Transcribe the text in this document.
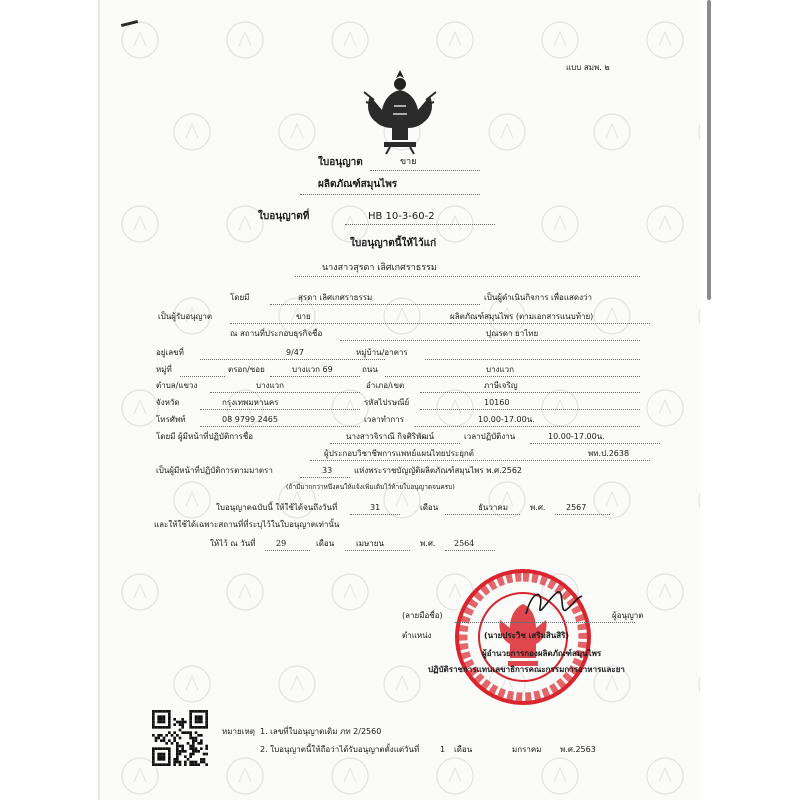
แบบ สมพ. ๒
ใบอนุญาต	ขาย
ผลิตภัณฑ์สมุนไพร
ใบอนุญาตที่	HB 10-3-60-2
ใบอนุญาตนี้ให้ไว้แก่
นางสาวสุรดา เลิศเกศราธรรม
โดยมี	สุรดา เลิศเกศราธรรม	เป็นผู้ดำเนินกิจการ เพื่อแสดงว่า
เป็นผู้รับอนุญาต	ขาย	ผลิตภัณฑ์สมุนไพร (ตามเอกสารแนบท้าย)
ณ สถานที่ประกอบธุรกิจชื่อ	ปุณรดา ยาไทย
อยู่เลขที่	9/47	หมู่บ้าน/อาคาร
หมู่ที่	ตรอก/ซอย	บางแวก 69	ถนน	บางแวก
ตำบล/แขวง	บางแวก	อำเภอ/เขต	ภาษีเจริญ
จังหวัด	กรุงเทพมหานคร	รหัสไปรษณีย์	10160
โทรศัพท์	08 9799 2465	เวลาทำการ	10.00-17.00น.
โดยมี ผู้มีหน้าที่ปฏิบัติการชื่อ	นางสาวจิราณี กิจศิริพัฒน์	เวลาปฏิบัติงาน	10.00-17.00น.
ผู้ประกอบวิชาชีพการแพทย์แผนไทยประยุกต์	พท.ป.2638
เป็นผู้มีหน้าที่ปฏิบัติการตามมาตรา	33	แห่งพระราชบัญญัติผลิตภัณฑ์สมุนไพร พ.ศ.2562
(ถ้ามีมากกว่าหนึ่งคนให้แจ้งเพิ่มเติมไว้ท้ายใบอนุญาตจนครบ)
ใบอนุญาตฉบับนี้ ให้ใช้ได้จนถึงวันที่	31	เดือน	ธันวาคม	พ.ศ.	2567
และให้ใช้ได้เฉพาะสถานที่ที่ระบุไว้ในใบอนุญาตเท่านั้น
ให้ไว้ ณ วันที่	29	เดือน	เมษายน	พ.ศ. 2564
(ลายมือชื่อ)	ผู้อนุญาต
ตำแหน่ง	(นายประวิช เสริมสินสิริ)
ผู้อำนวยการกองผลิตภัณฑ์สมุนไพร
ปฏิบัติราชการแทนเลขาธิการคณะกรรมการอาหารและยา
หมายเหตุ 1. เลขที่ใบอนุญาตเดิม ภท 2/2560
2. ใบอนุญาตนี้ให้ถือว่าได้รับอนุญาตตั้งแต่วันที่	1 เดือน	มกราคม พ.ศ.2563
